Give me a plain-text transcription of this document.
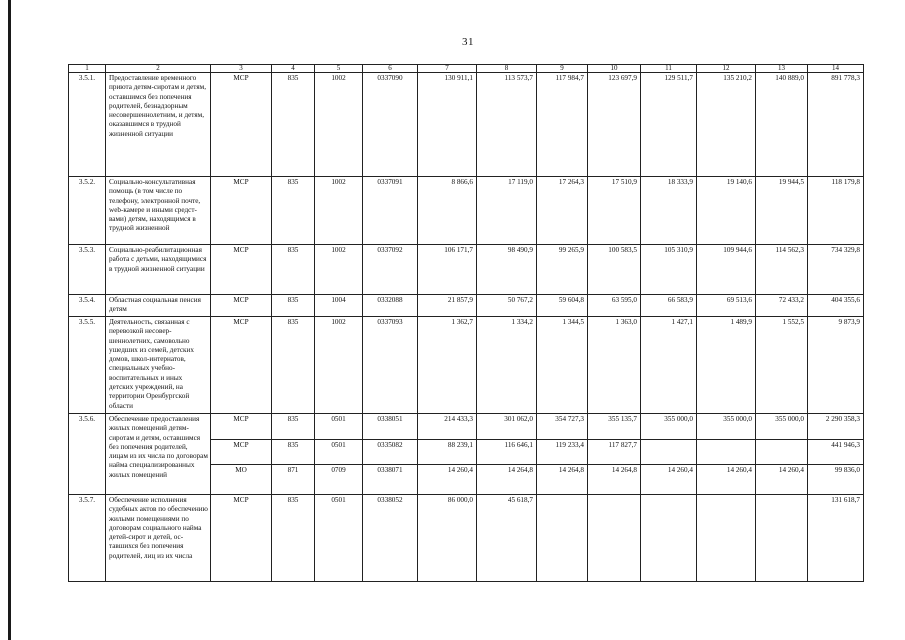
31
1	2	3	4	5	6	7	8	9	10	11	12	13	14
3.5.1.	Предоставление временного приюта детям-сиротам и детям, оставшимся без попечения родителей, безнадзорным несовершеннолетним, и детям, оказавшимся в трудной жизненной ситуации	МСР	835	1002	0337090	130 911,1	113 573,7	117 984,7	123 697,9	129 511,7	135 210,2	140 889,0	891 778,3
3.5.2.	Социально-консультативная помощь (в том числе по телефону, электронной почте, web-камере и иными средствами) детям, находящимся в трудной жизненной	МСР	835	1002	0337091	8 866,6	17 119,0	17 264,3	17 510,9	18 333,9	19 140,6	19 944,5	118 179,8
3.5.3.	Социально-реабилитационная работа с детьми, находящимися в трудной жизненной ситуации	МСР	835	1002	0337092	106 171,7	98 490,9	99 265,9	100 583,5	105 310,9	109 944,6	114 562,3	734 329,8
3.5.4.	Областная социальная пенсия детям	МСР	835	1004	0332088	21 857,9	50 767,2	59 604,8	63 595,0	66 583,9	69 513,6	72 433,2	404 355,6
3.5.5.	Деятельность, связанная с перевозкой несовершеннолетних, самовольно ушедших из семей, детских домов, школ-интернатов, специальных учебно-воспитательных и иных детских учреждений, на территории Оренбургской области	МСР	835	1002	0337093	1 362,7	1 334,2	1 344,5	1 363,0	1 427,1	1 489,9	1 552,5	9 873,9
3.5.6.	Обеспечение предоставления жилых помещений детям-сиротам и детям, оставшимся без попечения родителей, лицам из их числа по договорам найма специализированных жилых помещений	МСР	835	0501	0338051	214 433,3	301 062,0	354 727,3	355 135,7	355 000,0	355 000,0	355 000,0	2 290 358,3
		МСР	835	0501	0335082	88 239,1	116 646,1	119 233,4	117 827,7				441 946,3
		МО	871	0709	0338071	14 260,4	14 264,8	14 264,8	14 264,8	14 260,4	14 260,4	14 260,4	99 836,0
3.5.7.	Обеспечение исполнения судебных актов по обеспечению жилыми помещениями по договорам социального найма детей-сирот и детей, оставшихся без попечения родителей, лиц из их числа	МСР	835	0501	0338052	86 000,0	45 618,7						131 618,7
